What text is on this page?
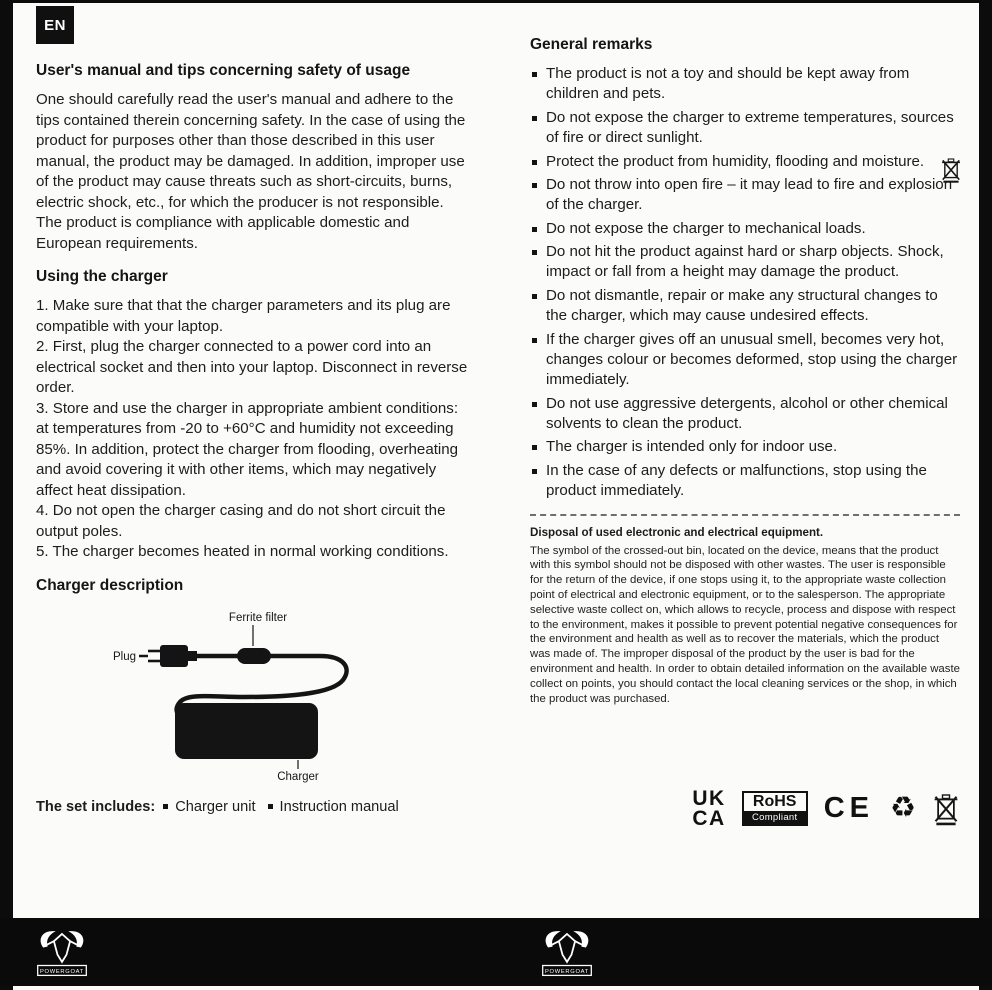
EN
User's manual and tips concerning safety of usage

One should carefully read the user's manual and adhere to the tips contained therein concerning safety. In the case of using the product for purposes other than those described in this user manual, the product may be damaged. In addition, improper use of the product may cause threats such as short-circuits, burns, electric shock, etc., for which the producer is not responsible. The product is compliance with applicable domestic and European requirements.

Using the charger

1. Make sure that that the charger parameters and its plug are compatible with your laptop.

2. First, plug the charger connected to a power cord into an electrical socket and then into your laptop. Disconnect in reverse order.

3. Store and use the charger in appropriate ambient conditions: at temperatures from -20 to +60°C and humidity not exceeding 85%. In addition, protect the charger from flooding, overheating and avoid covering it with other items, which may negatively affect heat dissipation.

4. Do not open the charger casing and do not short circuit the output poles.

5. The charger becomes heated in normal working conditions.

Charger description
Ferrite filter
Plug
Charger

The set includes: Charger unit Instruction manual

General remarks
The product is not a toy and should be kept away from children and pets.
Do not expose the charger to extreme temperatures, sources of fire or direct sunlight.
Protect the product from humidity, flooding and moisture.
Do not throw into open fire – it may lead to fire and explosion of the charger.
Do not expose the charger to mechanical loads.
Do not hit the product against hard or sharp objects. Shock, impact or fall from a height may damage the product.
Do not dismantle, repair or make any structural changes to the charger, which may cause undesired effects.
If the charger gives off an unusual smell, becomes very hot, changes colour or becomes deformed, stop using the charger immediately.
Do not use aggressive detergents, alcohol or other chemical solvents to clean the product.
The charger is intended only for indoor use.
In the case of any defects or malfunctions, stop using the product immediately.
Disposal of used electronic and electrical equipment.

The symbol of the crossed-out bin, located on the device, means that the product with this symbol should not be disposed with other wastes. The user is responsible for the return of the device, if one stops using it, to the appropriate waste collection point of electrical and electronic equipment, or to the salesperson. The appropriate selective waste collect on, which allows to recycle, process and dispose with respect to the environment, makes it possible to prevent potential negative consequences for the environment and health as well as to recover the materials, which the product was made of. The improper disposal of the product by the user is bad for the environment and health. In order to obtain detailed information on the available waste collect on points, you should contact the local cleaning services or the shop, in which the product was purchased.

UK
CA
RoHS
Compliant CE ♻
POWERGOAT	POWERGOAT
